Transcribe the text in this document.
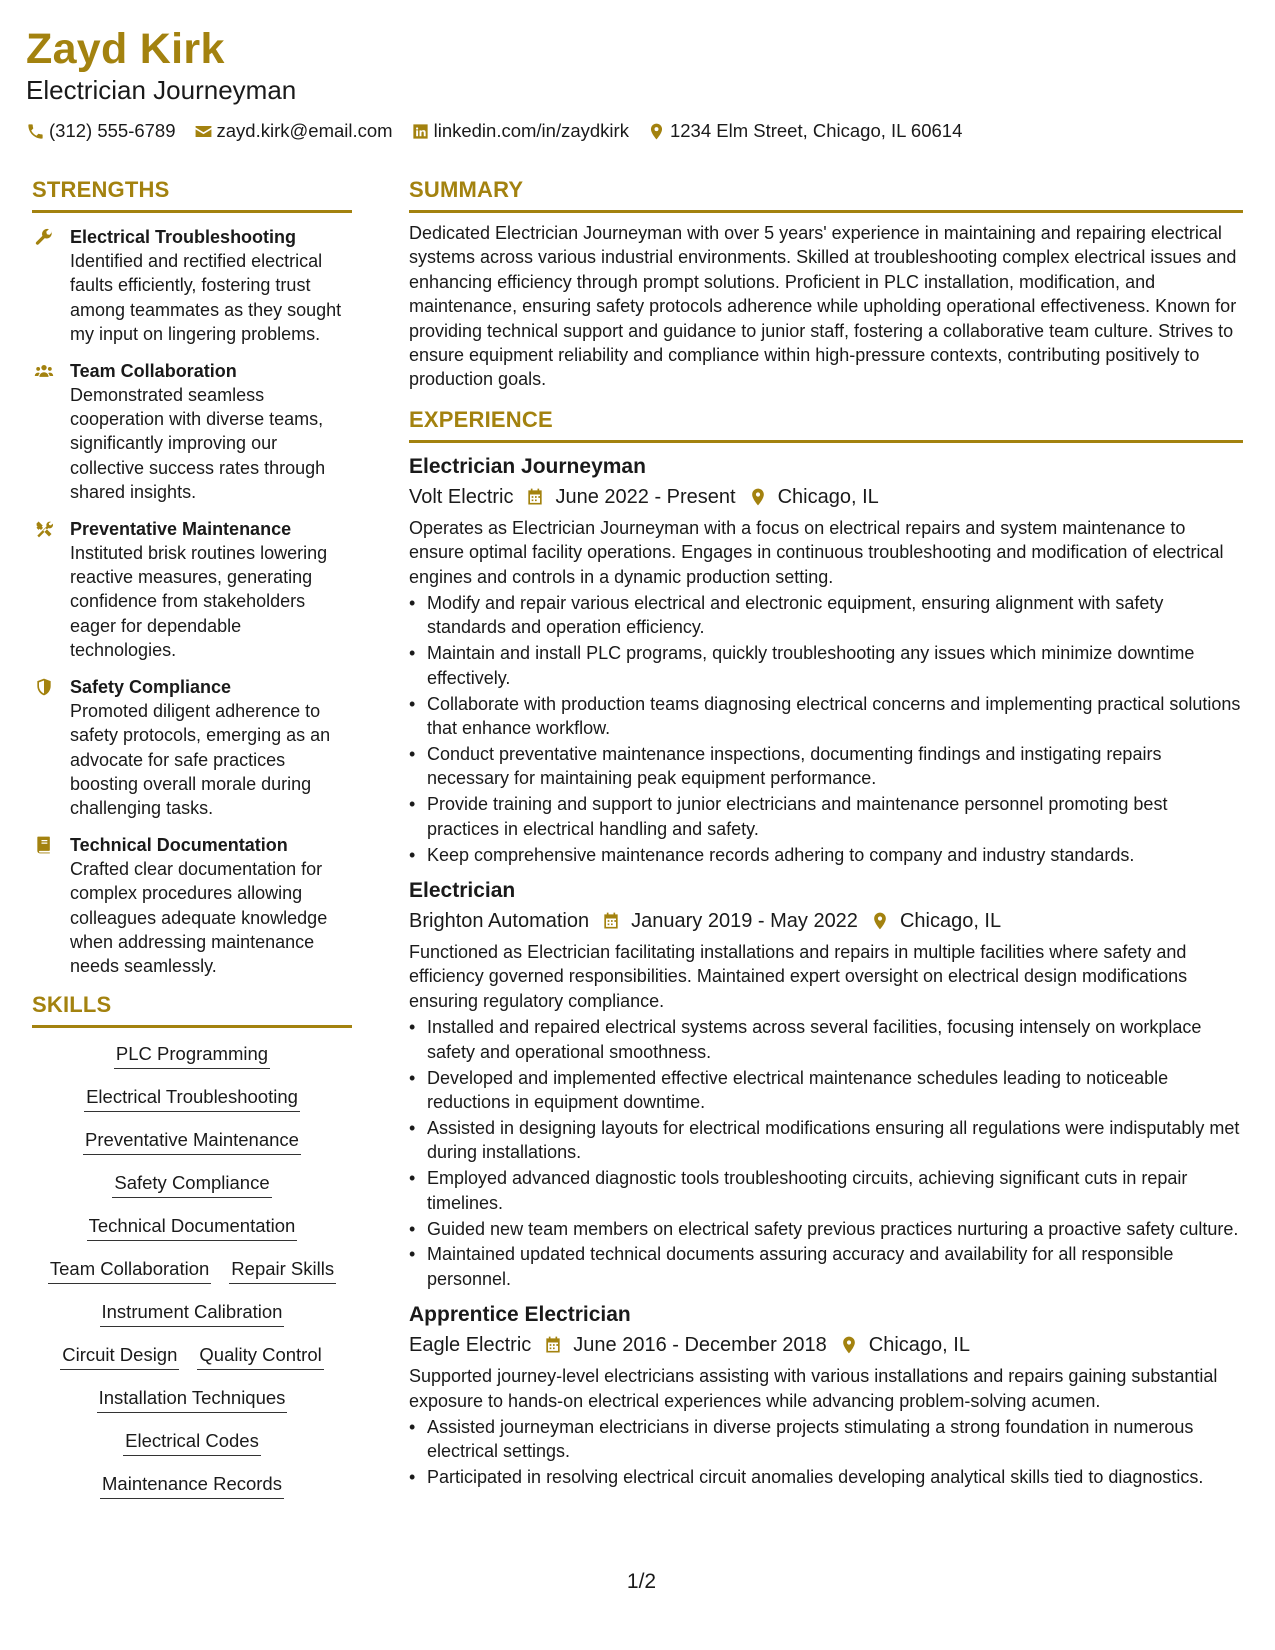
Zayd Kirk
Electrician Journeyman
(312) 555-6789 zayd.kirk@email.com linkedin.com/in/zaydkirk 1234 Elm Street, Chicago, IL 60614
STRENGTHS
Electrical Troubleshooting
Identified and rectified electrical faults efficiently, fostering trust among teammates as they sought my input on lingering problems.
Team Collaboration
Demonstrated seamless cooperation with diverse teams, significantly improving our collective success rates through shared insights.
Preventative Maintenance
Instituted brisk routines lowering reactive measures, generating confidence from stakeholders eager for dependable technologies.
Safety Compliance
Promoted diligent adherence to safety protocols, emerging as an advocate for safe practices boosting overall morale during challenging tasks.
Technical Documentation
Crafted clear documentation for complex procedures allowing colleagues adequate knowledge when addressing maintenance needs seamlessly.
SKILLS
PLC Programming
Electrical Troubleshooting
Preventative Maintenance
Safety Compliance
Technical Documentation
Team Collaboration Repair Skills
Instrument Calibration
Circuit Design Quality Control
Installation Techniques
Electrical Codes
Maintenance Records
SUMMARY
Dedicated Electrician Journeyman with over 5 years' experience in maintaining and repairing electrical systems across various industrial environments. Skilled at troubleshooting complex electrical issues and enhancing efficiency through prompt solutions. Proficient in PLC installation, modification, and maintenance, ensuring safety protocols adherence while upholding operational effectiveness. Known for providing technical support and guidance to junior staff, fostering a collaborative team culture. Strives to ensure equipment reliability and compliance within high-pressure contexts, contributing positively to production goals.
EXPERIENCE
Electrician Journeyman
Volt Electric June 2022 - Present Chicago, IL
Operates as Electrician Journeyman with a focus on electrical repairs and system maintenance to ensure optimal facility operations. Engages in continuous troubleshooting and modification of electrical engines and controls in a dynamic production setting.
• Modify and repair various electrical and electronic equipment, ensuring alignment with safety standards and operation efficiency.
• Maintain and install PLC programs, quickly troubleshooting any issues which minimize downtime effectively.
• Collaborate with production teams diagnosing electrical concerns and implementing practical solutions that enhance workflow.
• Conduct preventative maintenance inspections, documenting findings and instigating repairs necessary for maintaining peak equipment performance.
• Provide training and support to junior electricians and maintenance personnel promoting best practices in electrical handling and safety.
• Keep comprehensive maintenance records adhering to company and industry standards.
Electrician
Brighton Automation January 2019 - May 2022 Chicago, IL
Functioned as Electrician facilitating installations and repairs in multiple facilities where safety and efficiency governed responsibilities. Maintained expert oversight on electrical design modifications ensuring regulatory compliance.
• Installed and repaired electrical systems across several facilities, focusing intensely on workplace safety and operational smoothness.
• Developed and implemented effective electrical maintenance schedules leading to noticeable reductions in equipment downtime.
• Assisted in designing layouts for electrical modifications ensuring all regulations were indisputably met during installations.
• Employed advanced diagnostic tools troubleshooting circuits, achieving significant cuts in repair timelines.
• Guided new team members on electrical safety previous practices nurturing a proactive safety culture.
• Maintained updated technical documents assuring accuracy and availability for all responsible personnel.
Apprentice Electrician
Eagle Electric June 2016 - December 2018 Chicago, IL
Supported journey-level electricians assisting with various installations and repairs gaining substantial exposure to hands-on electrical experiences while advancing problem-solving acumen.
• Assisted journeyman electricians in diverse projects stimulating a strong foundation in numerous electrical settings.
• Participated in resolving electrical circuit anomalies developing analytical skills tied to diagnostics.
1/2
